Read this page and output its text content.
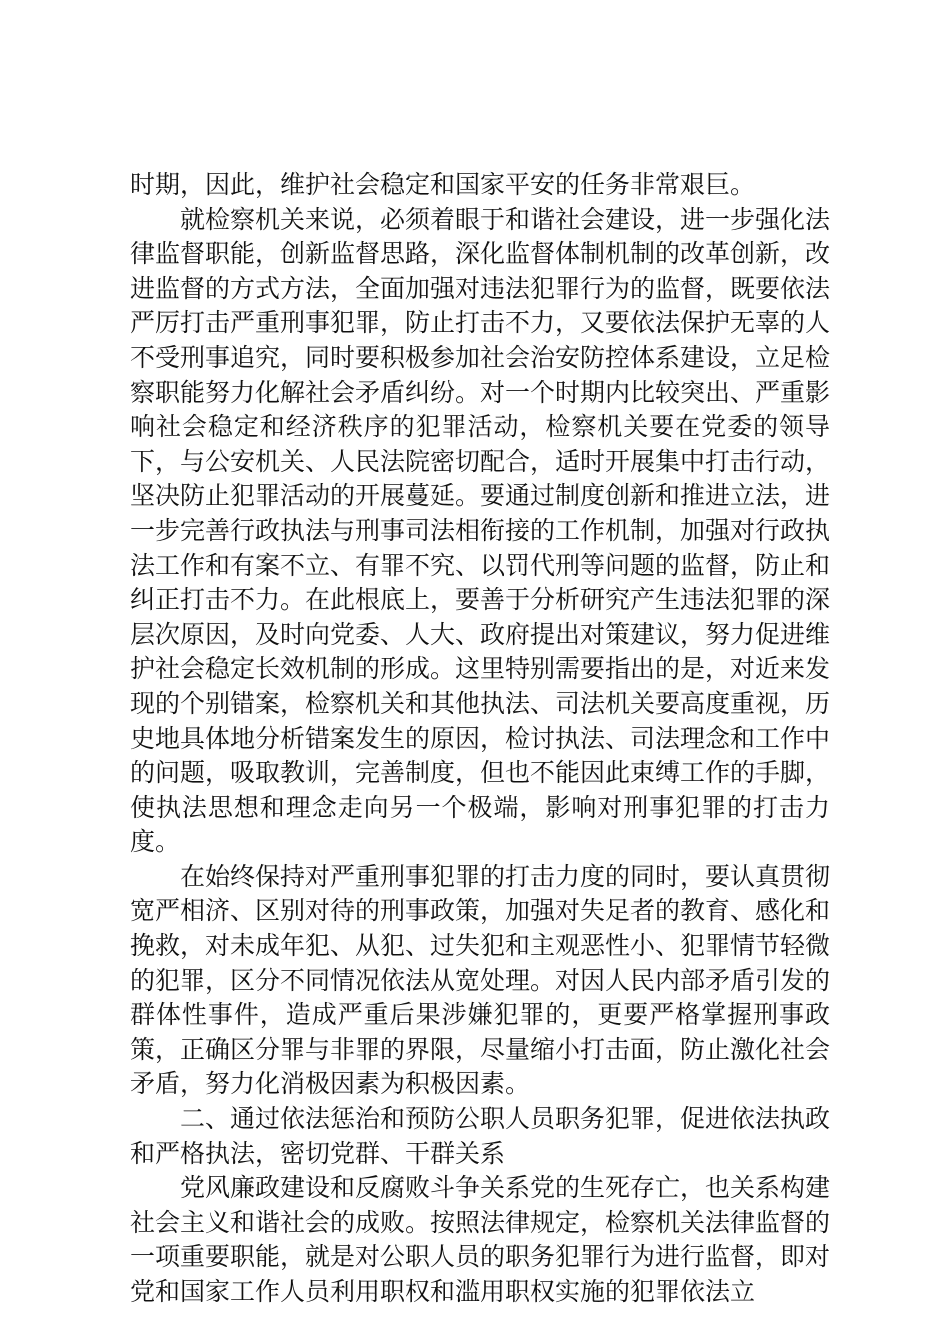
时期，因此，维护社会稳定和国家平安的任务非常艰巨。

就检察机关来说，必须着眼于和谐社会建设，进一步强化法律监督职能，创新监督思路，深化监督体制机制的改革创新，改进监督的方式方法，全面加强对违法犯罪行为的监督，既要依法严厉打击严重刑事犯罪，防止打击不力，又要依法保护无辜的人不受刑事追究，同时要积极参加社会治安防控体系建设，立足检察职能努力化解社会矛盾纠纷。对一个时期内比较突出、严重影响社会稳定和经济秩序的犯罪活动，检察机关要在党委的领导下，与公安机关、人民法院密切配合，适时开展集中打击行动，坚决防止犯罪活动的开展蔓延。要通过制度创新和推进立法，进一步完善行政执法与刑事司法相衔接的工作机制，加强对行政执法工作和有案不立、有罪不究、以罚代刑等问题的监督，防止和纠正打击不力。在此根底上，要善于分析研究产生违法犯罪的深层次原因，及时向党委、人大、政府提出对策建议，努力促进维护社会稳定长效机制的形成。这里特别需要指出的是，对近来发现的个别错案，检察机关和其他执法、司法机关要高度重视，历史地具体地分析错案发生的原因，检讨执法、司法理念和工作中的问题，吸取教训，完善制度，但也不能因此束缚工作的手脚，使执法思想和理念走向另一个极端，影响对刑事犯罪的打击力度。

在始终保持对严重刑事犯罪的打击力度的同时，要认真贯彻宽严相济、区别对待的刑事政策，加强对失足者的教育、感化和挽救，对未成年犯、从犯、过失犯和主观恶性小、犯罪情节轻微的犯罪，区分不同情况依法从宽处理。对因人民内部矛盾引发的群体性事件，造成严重后果涉嫌犯罪的，更要严格掌握刑事政策，正确区分罪与非罪的界限，尽量缩小打击面，防止激化社会矛盾，努力化消极因素为积极因素。

二、通过依法惩治和预防公职人员职务犯罪，促进依法执政和严格执法，密切党群、干群关系

党风廉政建设和反腐败斗争关系党的生死存亡，也关系构建社会主义和谐社会的成败。按照法律规定，检察机关法律监督的一项重要职能，就是对公职人员的职务犯罪行为进行监督，即对党和国家工作人员利用职权和滥用职权实施的犯罪依法立
